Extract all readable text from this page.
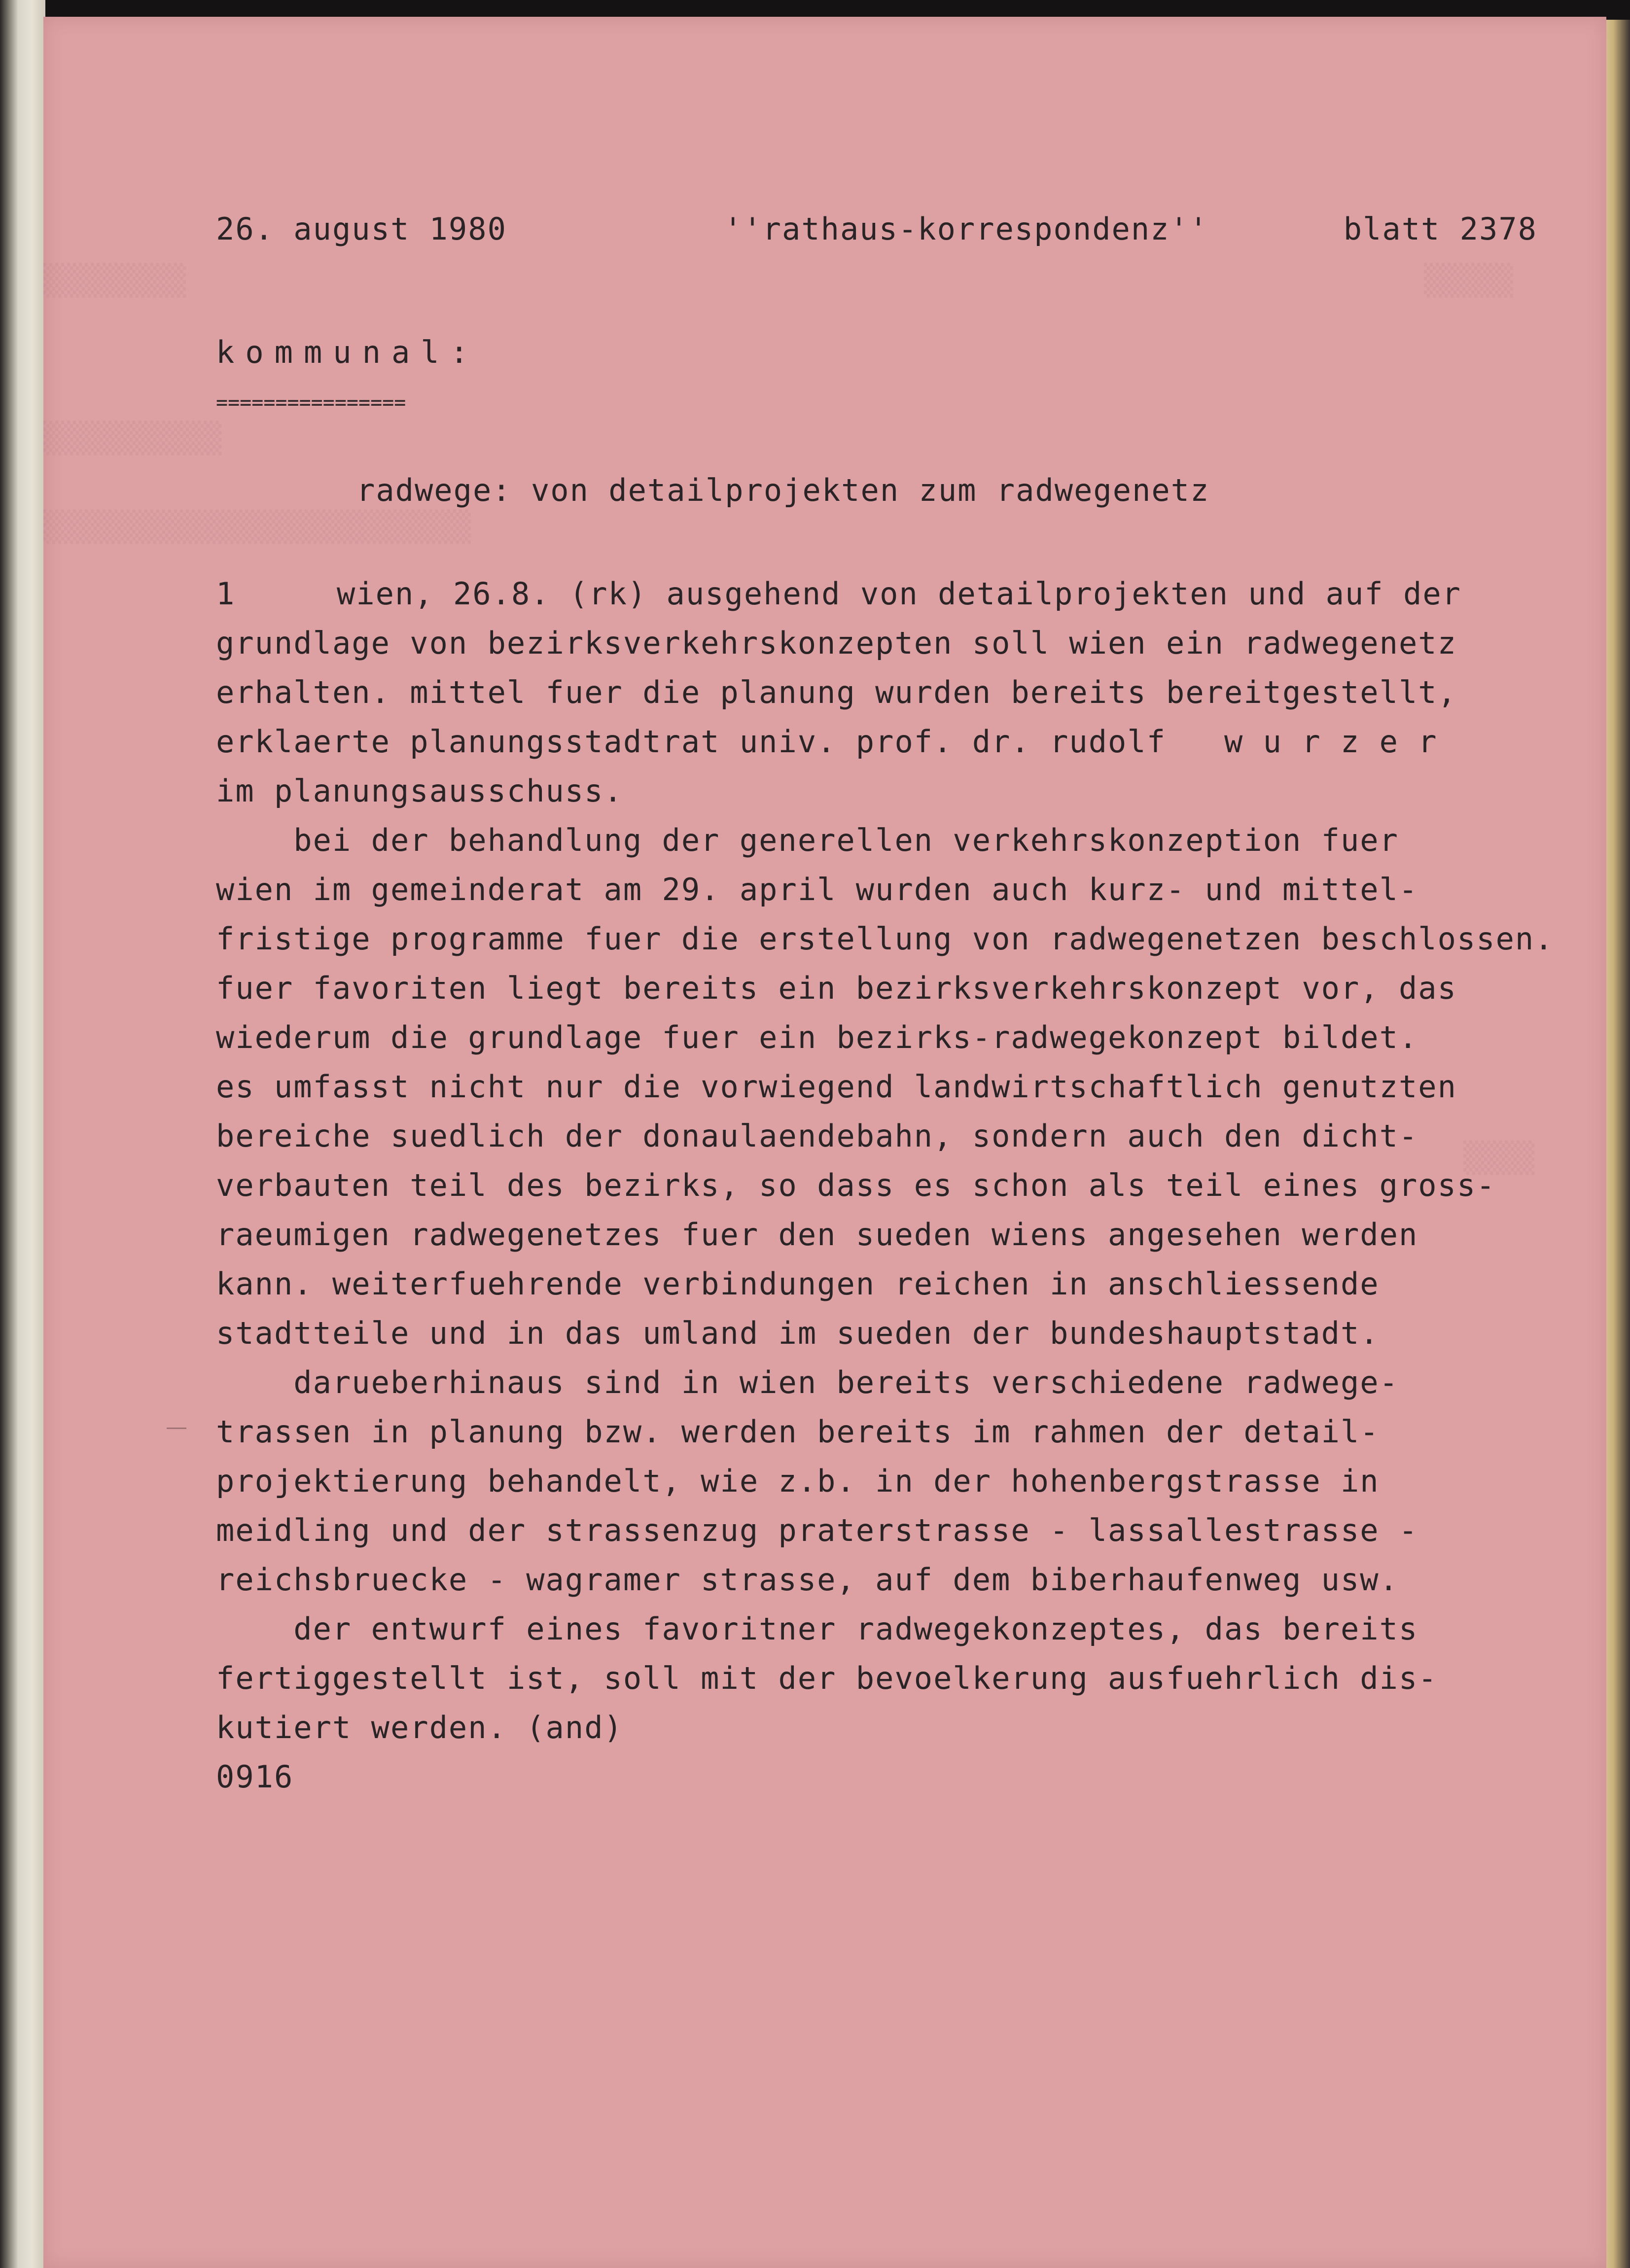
▒▒▒▒▒▒▒▒
▒▒▒▒▒▒▒▒▒▒
▒▒▒▒▒▒▒▒▒▒▒▒▒▒▒▒▒▒▒▒▒▒▒▒
▒▒▒▒▒
▒▒▒▒
26. august 1980	''rathaus-korrespondenz''	blatt 2378
kommunal:
================
radwege: von detailprojekten zum radwegenetz
1	wien, 26.8. (rk) ausgehend von detailprojekten und auf der
grundlage von bezirksverkehrskonzepten soll wien ein radwegenetz
erhalten. mittel fuer die planung wurden bereits bereitgestellt,
erklaerte planungsstadtrat univ. prof. dr. rudolf   w u r z e r
im planungsausschuss.
bei der behandlung der generellen verkehrskonzeption fuer
wien im gemeinderat am 29. april wurden auch kurz- und mittel-
fristige programme fuer die erstellung von radwegenetzen beschlossen.
fuer favoriten liegt bereits ein bezirksverkehrskonzept vor, das
wiederum die grundlage fuer ein bezirks-radwegekonzept bildet.
es umfasst nicht nur die vorwiegend landwirtschaftlich genutzten
bereiche suedlich der donaulaendebahn, sondern auch den dicht-
verbauten teil des bezirks, so dass es schon als teil eines gross-
raeumigen radwegenetzes fuer den sueden wiens angesehen werden
kann. weiterfuehrende verbindungen reichen in anschliessende
stadtteile und in das umland im sueden der bundeshauptstadt.
darueberhinaus sind in wien bereits verschiedene radwege-
trassen in planung bzw. werden bereits im rahmen der detail-
projektierung behandelt, wie z.b. in der hohenbergstrasse in
meidling und der strassenzug praterstrasse - lassallestrasse -
reichsbruecke - wagramer strasse, auf dem biberhaufenweg usw.
der entwurf eines favoritner radwegekonzeptes, das bereits
fertiggestellt ist, soll mit der bevoelkerung ausfuehrlich dis-
kutiert werden. (and)
0916
